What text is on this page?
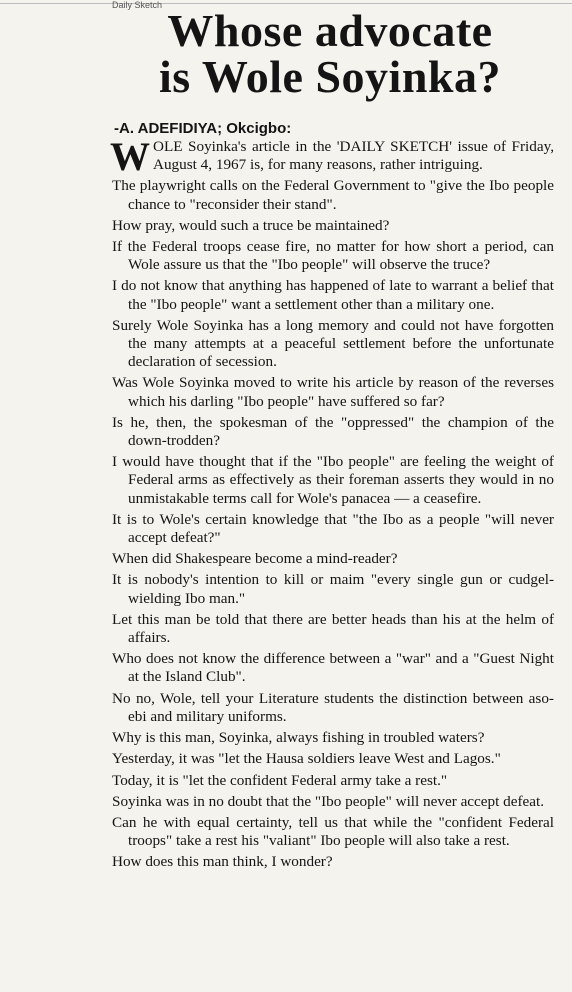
Daily Sketch Whose advocate
is Wole Soyinka?
-A. ADEFIDIYA; Okcigbo:

WOLE Soyinka's article in the 'DAILY SKETCH' issue of Friday, August 4, 1967 is, for many reasons, rather intriguing.

The playwright calls on the Federal Government to "give the Ibo people chance to "reconsider their stand".

How pray, would such a truce be maintained?

If the Federal troops cease fire, no matter for how short a period, can Wole assure us that the "Ibo people" will observe the truce?

I do not know that anything has happened of late to warrant a belief that the "Ibo people" want a settlement other than a military one.

Surely Wole Soyinka has a long memory and could not have forgotten the many attempts at a peaceful settlement before the unfortunate declaration of secession.

Was Wole Soyinka moved to write his article by reason of the reverses which his darling "Ibo people" have suffered so far?

Is he, then, the spokesman of the "oppressed" the champion of the down-trodden?

I would have thought that if the "Ibo people" are feeling the weight of Federal arms as effectively as their foreman asserts they would in no unmistakable terms call for Wole's panacea — a ceasefire.

It is to Wole's certain knowledge that "the Ibo as a people "will never accept defeat?"

When did Shakespeare become a mind-reader?

It is nobody's intention to kill or maim "every single gun or cudgel-wielding Ibo man."

Let this man be told that there are better heads than his at the helm of affairs.

Who does not know the difference between a "war" and a "Guest Night at the Island Club".

No no, Wole, tell your Literature students the distinction between aso-ebi and military uniforms.

Why is this man, Soyinka, always fishing in troubled waters?

Yesterday, it was "let the Hausa soldiers leave West and Lagos."

Today, it is "let the confident Federal army take a rest."

Soyinka was in no doubt that the "Ibo people" will never accept defeat.

Can he with equal certainty, tell us that while the "confident Federal troops" take a rest his "valiant" Ibo people will also take a rest.

How does this man think, I wonder?
